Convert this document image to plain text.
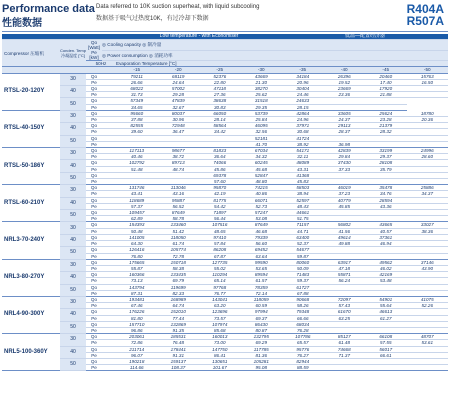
Performance data
性能数据
Data referred to 10K suction superheat, with liquid subcooling
数据基于吸气过热度10K，有过冷却下数据
R404A
R507A
				Low temperature - with Economiser				低温—配置经济器			
Compressor 压缩机	Conden. Temp 冷凝温度 [°C]	Qo [Watt] Pe [kW]	◎ Cooling capacity ◎ 制冷量								
			◎ Power consumption ◎ 消耗功率								
		50Hz		Evaporation Temperature [°C]							
				-15	-20	-25	-30	-35	-40	-45	-50
RTSL-20-120Y	30	Qo		79211	68119	52376	43669	34184	26396	20460	15763
		Pe		26.66	24.64	22.80	21.30	20.96	19.52	17.40	16.50
	40	Qo		68022	57002	47118	38270	30404	23669	17920	
		Pe		31.73	29.28	27.36	25.62	24.46	23.36	21.88	
	50	Qo		57349	47839	38638	31518	24633			
		Pe		34.65	32.67	30.83	29.35	28.15			
RTSL-40-150Y	30	Qo		95660	80037	66050	53739	42864	33605	25624	18780
		Pe		37.88	30.96	28.14	25.84	24.96	24.37	23.28	20.36
	40	Qo		82555	72948	58564	46095	37971	29113	21379	
		Pe		39.60	36.47	34.42	32.56	30.68	28.37	28.32	
	50	Qo					52181	41724			
		Pe					41.70	38.92	36.98		
RTSL-50-186Y	30	Qo		117113	98677	81833	67034	54171	42839	33199	24996
		Pe		40.46	38.72	36.64	34.32	32.11	29.84	29.37	28.60
	40	Qo		102792	89713	74066	60245	48089	37430	28108	
		Pe		51.48	48.74	45.86	45.68	43.31	37.33	35.79	
	50	Qo				69378	52847	41368			
		Pe				57.60	48.80	45.83			
RTSL-60-210Y	30	Qo		131746	113046	95870	74215	58503	46019	35478	25886
		Pe		43.41	43.16	42.19	40.86	38.94	37.23	34.76	34.37
	40	Qo		118689	95887	81775	66071	52597	40779	28594	
		Pe		57.37	56.52	54.42	52.73	48.43	45.85	43.36	
	50	Qo		109457	87649	71897	57247	44661			
		Pe		62.89	58.78	56.44	53.08	51.75			
NRL3-70-240Y	30	Qo		154393	133460	107516	87649	71157	56802	43665	33027
		Pe		50.48	51.42	48.65	46.68	44.71	41.56	40.57	38.36
	40	Qo		141005	118050	97410	79339	63400	49614	37361	
		Pe		64.30	61.74	57.84	56.60	52.37	49.88	46.94	
	50	Qo		126416	105774	86208	69452	54677			
		Pe		76.80	72.78	67.87	63.64	59.87			
NRL3-80-270Y	30	Qo		175665	150718	127735	99590	80060	63917	49562	37146
		Pe		55.87	58.38	55.02	53.65	50.09	47.18	46.02	43.90
	40	Qo		160366	133435	110294	89594	71483	55871	42169	
		Pe		73.13	69.79	65.14	61.57	59.37	56.24	53.48	
	50	Qo		143794	119699	97768	78359	61727			
		Pe		87.31	82.33	76.77	72.14	67.88			
NRL4-90-300Y	30	Qo		193481	168989	143041	118059	90668	72097	54901	41075
		Pe		67.46	64.74	63.20	60.59	58.26	57.43	55.64	52.26
	40	Qo		176226	152010	123696	97994	79348	61670	46613	
		Pe		81.80	77.44	73.57	69.37	66.66	63.25	61.27	
	50	Qo		157710	132869	107974	86430	68034			
		Pe		96.86	91.35	85.68	80.87	76.28			
NRL5-100-360Y	30	Qo		203061	185531	160013	132795	107786	85127	66108	48707
		Pe		72.86	76.48	73.00	69.29	65.57	61.48	57.55	53.61
	40	Qo		211714	178441	147750	117785	95776	74668	56017	
		Pe		96.07	91.31	86.41	81.36	76.27	71.37	66.61	
	50	Qo		190218	159137	130651	105281	82944			
		Pe		114.66	108.37	101.67	95.08	88.59			
